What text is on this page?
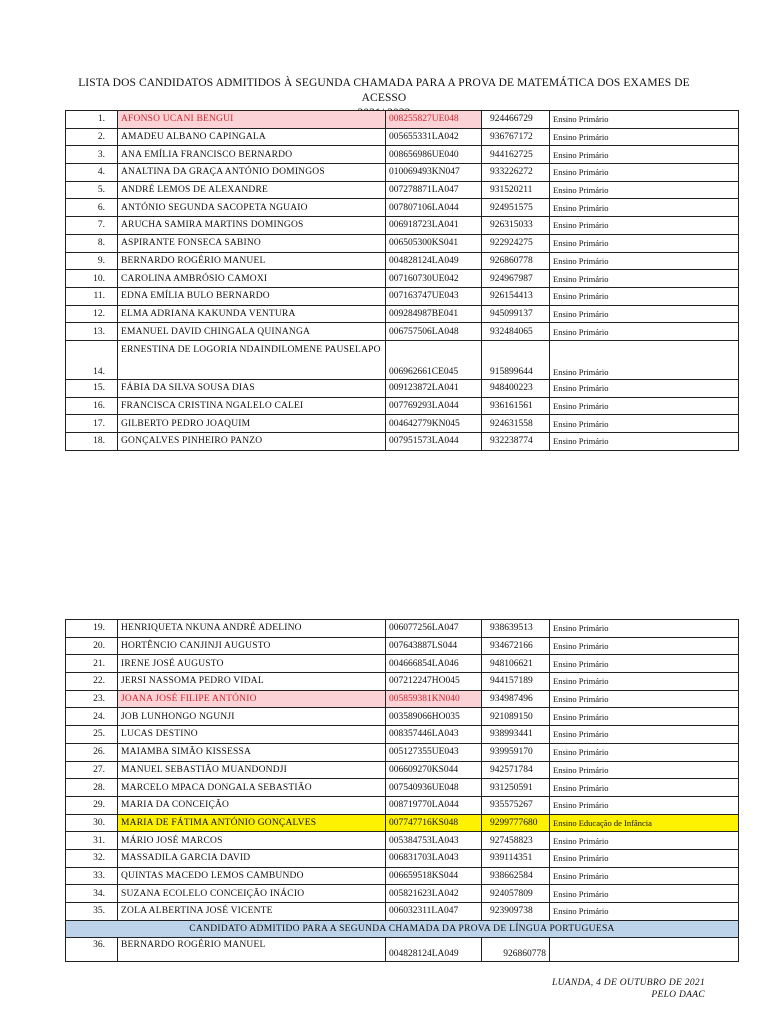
LISTA DOS CANDIDATOS ADMITIDOS À SEGUNDA CHAMADA PARA A PROVA DE MATEMÁTICA DOS EXAMES DE ACESSO
1.	AFONSO UCANI BENGUI	008255827UE048	924466729	Ensino Primário
2.	AMADEU ALBANO CAPINGALA	005655331LA042	936767172	Ensino Primário
3.	ANA EMÍLIA FRANCISCO BERNARDO	008656986UE040	944162725	Ensino Primário
4.	ANALTINA DA GRAÇA ANTÓNIO DOMINGOS	010069493KN047	933226272	Ensino Primário
5.	ANDRÉ LEMOS DE ALEXANDRE	007278871LA047	931520211	Ensino Primário
6.	ANTÓNIO SEGUNDA SACOPETA NGUAIO	007807106LA044	924951575	Ensino Primário
7.	ARUCHA SAMIRA MARTINS DOMINGOS	006918723LA041	926315033	Ensino Primário
8.	ASPIRANTE FONSECA SABINO	006505300KS041	922924275	Ensino Primário
9.	BERNARDO ROGÉRIO MANUEL	004828124LA049	926860778	Ensino Primário
10.	CAROLINA AMBRÓSIO CAMOXI	007160730UE042	924967987	Ensino Primário
11.	EDNA EMÍLIA BULO BERNARDO	007163747UE043	926154413	Ensino Primário
12.	ELMA ADRIANA KAKUNDA VENTURA	009284987BE041	945099137	Ensino Primário
13.	EMANUEL DAVID CHINGALA QUINANGA	006757506LA048	932484065	Ensino Primário
14.	ERNESTINA DE LOGORIA NDAINDILOMENE PAUSELAPO	006962661CE045	915899644	Ensino Primário
15.	FÁBIA DA SILVA SOUSA DIAS	009123872LA041	948400223	Ensino Primário
16.	FRANCISCA CRISTINA NGALELO CALEI	007769293LA044	936161561	Ensino Primário
17.	GILBERTO PEDRO JOAQUIM	004642779KN045	924631558	Ensino Primário
18.	GONÇALVES PINHEIRO PANZO	007951573LA044	932238774	Ensino Primário
19.	HENRIQUETA NKUNA ANDRÉ ADELINO	006077256LA047	938639513	Ensino Primário
20.	HORTÊNCIO CANJINJI AUGUSTO	007643887LS044	934672166	Ensino Primário
21.	IRENE JOSÉ AUGUSTO	004666854LA046	948106621	Ensino Primário
22.	JERSI NASSOMA PEDRO VIDAL	007212247HO045	944157189	Ensino Primário
23.	JOANA JOSÉ FILIPE ANTÓNIO	005859381KN040	934987496	Ensino Primário
24.	JOB LUNHONGO NGUNJI	003589066HO035	921089150	Ensino Primário
25.	LUCAS DESTINO	008357446LA043	938993441	Ensino Primário
26.	MAIAMBA SIMÃO KISSESSA	005127355UE043	939959170	Ensino Primário
27.	MANUEL SEBASTIÃO MUANDONDJI	006609270KS044	942571784	Ensino Primário
28.	MARCELO MPACA DONGALA SEBASTIÃO	007540936UE048	931250591	Ensino Primário
29.	MARIA DA CONCEIÇÃO	008719770LA044	935575267	Ensino Primário
30.	MARIA DE FÁTIMA ANTÓNIO GONÇALVES	007747716KS048	9299777680	Ensino Educação de Infância
31.	MÁRIO JOSÉ MARCOS	005384753LA043	927458823	Ensino Primário
32.	MASSADILA GARCIA DAVID	006831703LA043	939114351	Ensino Primário
33.	QUINTAS MACEDO LEMOS CAMBUNDO	006659518KS044	938662584	Ensino Primário
34.	SUZANA ECOLELO CONCEIÇÃO INÁCIO	005821623LA042	924057809	Ensino Primário
35.	ZOLA ALBERTINA JOSÉ VICENTE	006032311LA047	923909738	Ensino Primário
CANDIDATO ADMITIDO PARA A SEGUNDA CHAMADA DA PROVA DE LÍNGUA PORTUGUESA				
36.	BERNARDO ROGÉRIO MANUEL	004828124LA049	926860778	
LUANDA, 4 DE OUTUBRO DE 2021
PELO DAAC
